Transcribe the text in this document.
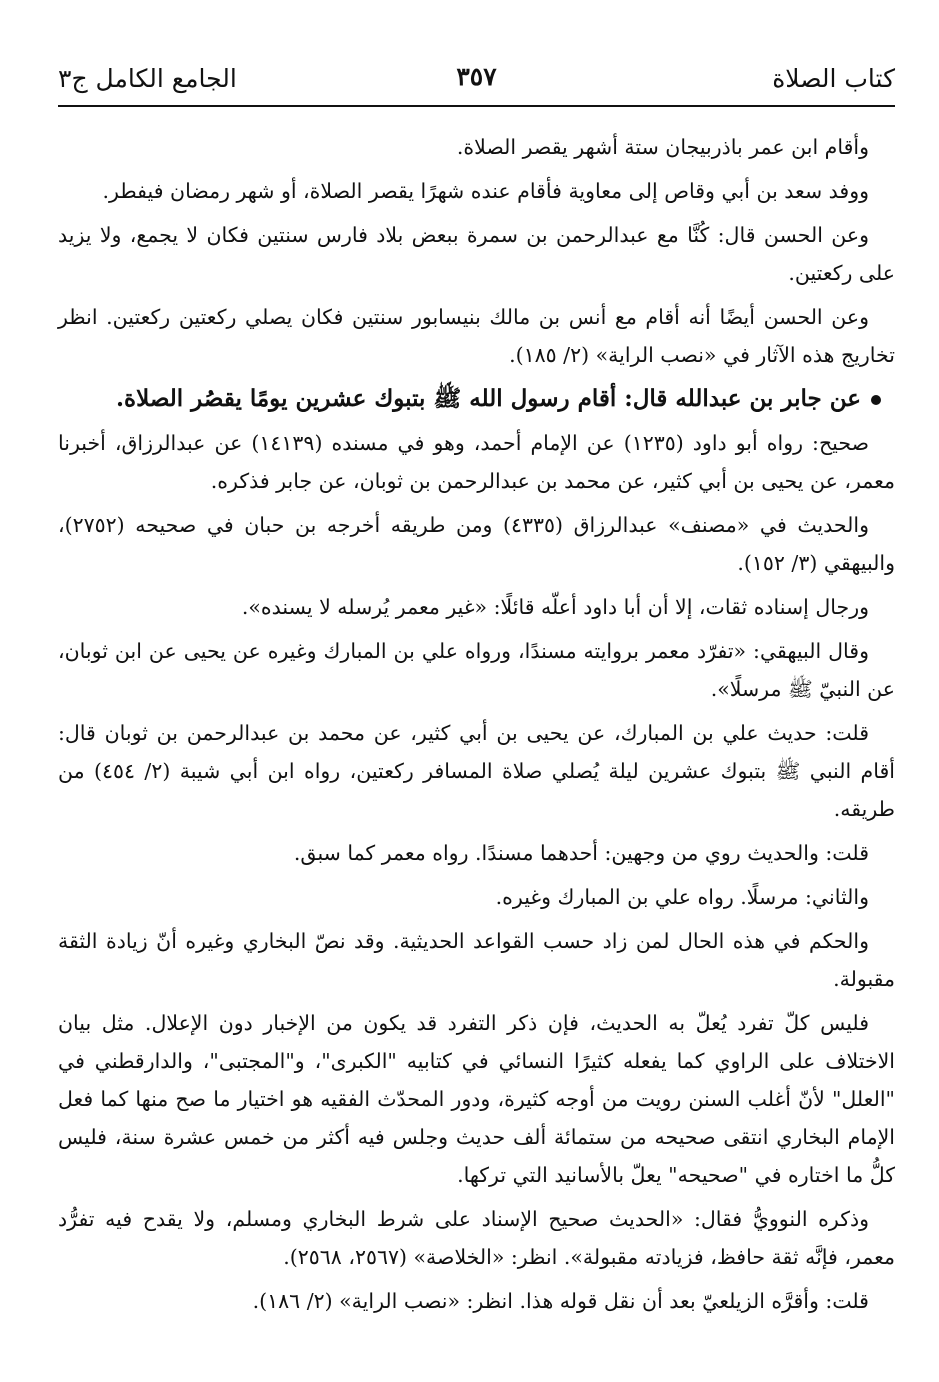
كتاب الصلاة
٣٥٧
الجامع الكامل ج٣

وأقام ابن عمر باذربيجان ستة أشهر يقصر الصلاة.

ووفد سعد بن أبي وقاص إلى معاوية فأقام عنده شهرًا يقصر الصلاة، أو شهر رمضان فيفطر.

وعن الحسن قال: كُنَّا مع عبدالرحمن بن سمرة ببعض بلاد فارس سنتين فكان لا يجمع، ولا يزيد على ركعتين.

وعن الحسن أيضًا أنه أقام مع أنس بن مالك بنيسابور سنتين فكان يصلي ركعتين ركعتين. انظر تخاريج هذه الآثار في «نصب الراية» (٢/ ١٨٥).

عن جابر بن عبدالله قال: أقام رسول الله ﷺ بتبوك عشرين يومًا يقصُر الصلاة.

صحيح: رواه أبو داود (١٢٣٥) عن الإمام أحمد، وهو في مسنده (١٤١٣٩) عن عبدالرزاق، أخبرنا معمر، عن يحيى بن أبي كثير، عن محمد بن عبدالرحمن بن ثوبان، عن جابر فذكره.

والحديث في «مصنف» عبدالرزاق (٤٣٣٥) ومن طريقه أخرجه بن حبان في صحيحه (٢٧٥٢)، والبيهقي (٣/ ١٥٢).

ورجال إسناده ثقات، إلا أن أبا داود أعلّه قائلًا: «غير معمر يُرسله لا يسنده».

وقال البيهقي: «تفرّد معمر بروايته مسندًا، ورواه علي بن المبارك وغيره عن يحيى عن ابن ثوبان، عن النبيّ ﷺ مرسلًا».

قلت: حديث علي بن المبارك، عن يحيى بن أبي كثير، عن محمد بن عبدالرحمن بن ثوبان قال: أقام النبي ﷺ بتبوك عشرين ليلة يُصلي صلاة المسافر ركعتين، رواه ابن أبي شيبة (٢/ ٤٥٤) من طريقه.

قلت: والحديث روي من وجهين: أحدهما مسندًا. رواه معمر كما سبق.

والثاني: مرسلًا. رواه علي بن المبارك وغيره.

والحكم في هذه الحال لمن زاد حسب القواعد الحديثية. وقد نصّ البخاري وغيره أنّ زيادة الثقة مقبولة.

فليس كلّ تفرد يُعلّ به الحديث، فإن ذكر التفرد قد يكون من الإخبار دون الإعلال. مثل بيان الاختلاف على الراوي كما يفعله كثيرًا النسائي في كتابيه "الكبرى"، و"المجتبى"، والدارقطني في "العلل" لأنّ أغلب السنن رويت من أوجه كثيرة، ودور المحدّث الفقيه هو اختيار ما صح منها كما فعل الإمام البخاري انتقى صحيحه من ستمائة ألف حديث وجلس فيه أكثر من خمس عشرة سنة، فليس كلُّ ما اختاره في "صحيحه" يعلّ بالأسانيد التي تركها.

وذكره النوويُّ فقال: «الحديث صحيح الإسناد على شرط البخاري ومسلم، ولا يقدح فيه تفرُّد معمر، فإنَّه ثقة حافظ، فزيادته مقبولة». انظر: «الخلاصة» (٢٥٦٧، ٢٥٦٨).

قلت: وأقرَّه الزيلعيّ بعد أن نقل قوله هذا. انظر: «نصب الراية» (٢/ ١٨٦).
